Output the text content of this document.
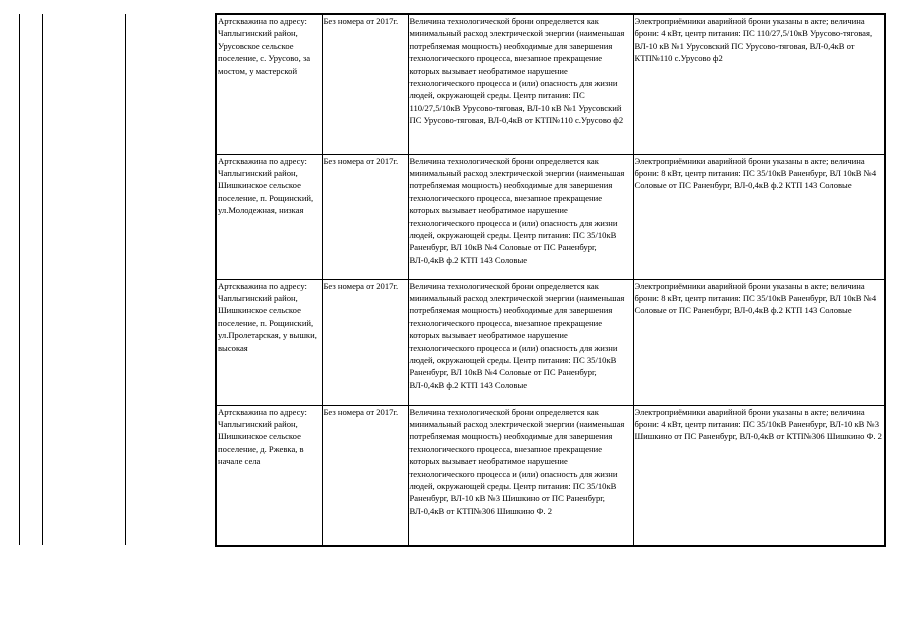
Артскважина по адресу: Чаплыгинский район, Урусовское сельское поселение, с. Урусово, за мостом, у мастерской	Без номера от 2017г.	Величина технологической брони определяется как минимальный расход электрической энергии (наименьшая потребляемая мощность) необходимые для завершения технологического процесса, внезапное прекращение которых вызывает необратимое нарушение технологического процесса и (или) опасность для жизни людей, окружающей среды. Центр питания: ПС 110/27,5/10кВ Урусово-тяговая, ВЛ-10 кВ №1 Урусовский ПС Урусово-тяговая, ВЛ-0,4кВ от КТП№110 с.Урусово ф2	Электроприёмники аварийной брони указаны в акте; величина брони: 4 кВт, центр питания: ПС 110/27,5/10кВ Урусово-тяговая, ВЛ-10 кВ №1 Урусовский ПС Урусово-тяговая, ВЛ-0,4кВ от КТП№110 с.Урусово ф2
Артскважина по адресу: Чаплыгинский район, Шишкинское сельское поселение, п. Рощинский, ул.Молодежная, низкая	Без номера от 2017г.	Величина технологической брони определяется как минимальный расход электрической энергии (наименьшая потребляемая мощность) необходимые для завершения технологического процесса, внезапное прекращение которых вызывает необратимое нарушение технологического процесса и (или) опасность для жизни людей, окружающей среды. Центр питания: ПС 35/10кВ Раненбург, ВЛ 10кВ №4 Соловые от ПС Раненбург, ВЛ-0,4кВ ф.2 КТП 143 Соловые	Электроприёмники аварийной брони указаны в акте; величина брони: 8 кВт, центр питания: ПС 35/10кВ Раненбург, ВЛ 10кВ №4 Соловые от ПС Раненбург, ВЛ-0,4кВ ф.2 КТП 143 Соловые
Артскважина по адресу: Чаплыгинский район, Шишкинское сельское поселение, п. Рощинский, ул.Пролетарская, у вышки, высокая	Без номера от 2017г.	Величина технологической брони определяется как минимальный расход электрической энергии (наименьшая потребляемая мощность) необходимые для завершения технологического процесса, внезапное прекращение которых вызывает необратимое нарушение технологического процесса и (или) опасность для жизни людей, окружающей среды. Центр питания: ПС 35/10кВ Раненбург, ВЛ 10кВ №4 Соловые от ПС Раненбург, ВЛ-0,4кВ ф.2 КТП 143 Соловые	Электроприёмники аварийной брони указаны в акте; величина брони: 8 кВт, центр питания: ПС 35/10кВ Раненбург, ВЛ 10кВ №4 Соловые от ПС Раненбург, ВЛ-0,4кВ ф.2 КТП 143 Соловые
Артскважина по адресу: Чаплыгинский район, Шишкинское сельское поселение, д. Ржевка, в начале села	Без номера от 2017г.	Величина технологической брони определяется как минимальный расход электрической энергии (наименьшая потребляемая мощность) необходимые для завершения технологического процесса, внезапное прекращение которых вызывает необратимое нарушение технологического процесса и (или) опасность для жизни людей, окружающей среды. Центр питания: ПС 35/10кВ Раненбург, ВЛ-10 кВ №3 Шишкино от ПС Раненбург, ВЛ-0,4кВ от КТП№306 Шишкино Ф. 2	Электроприёмники аварийной брони указаны в акте; величина брони: 4 кВт, центр питания: ПС 35/10кВ Раненбург, ВЛ-10 кВ №3 Шишкино от ПС Раненбург, ВЛ-0,4кВ от КТП№306 Шишкино Ф. 2
